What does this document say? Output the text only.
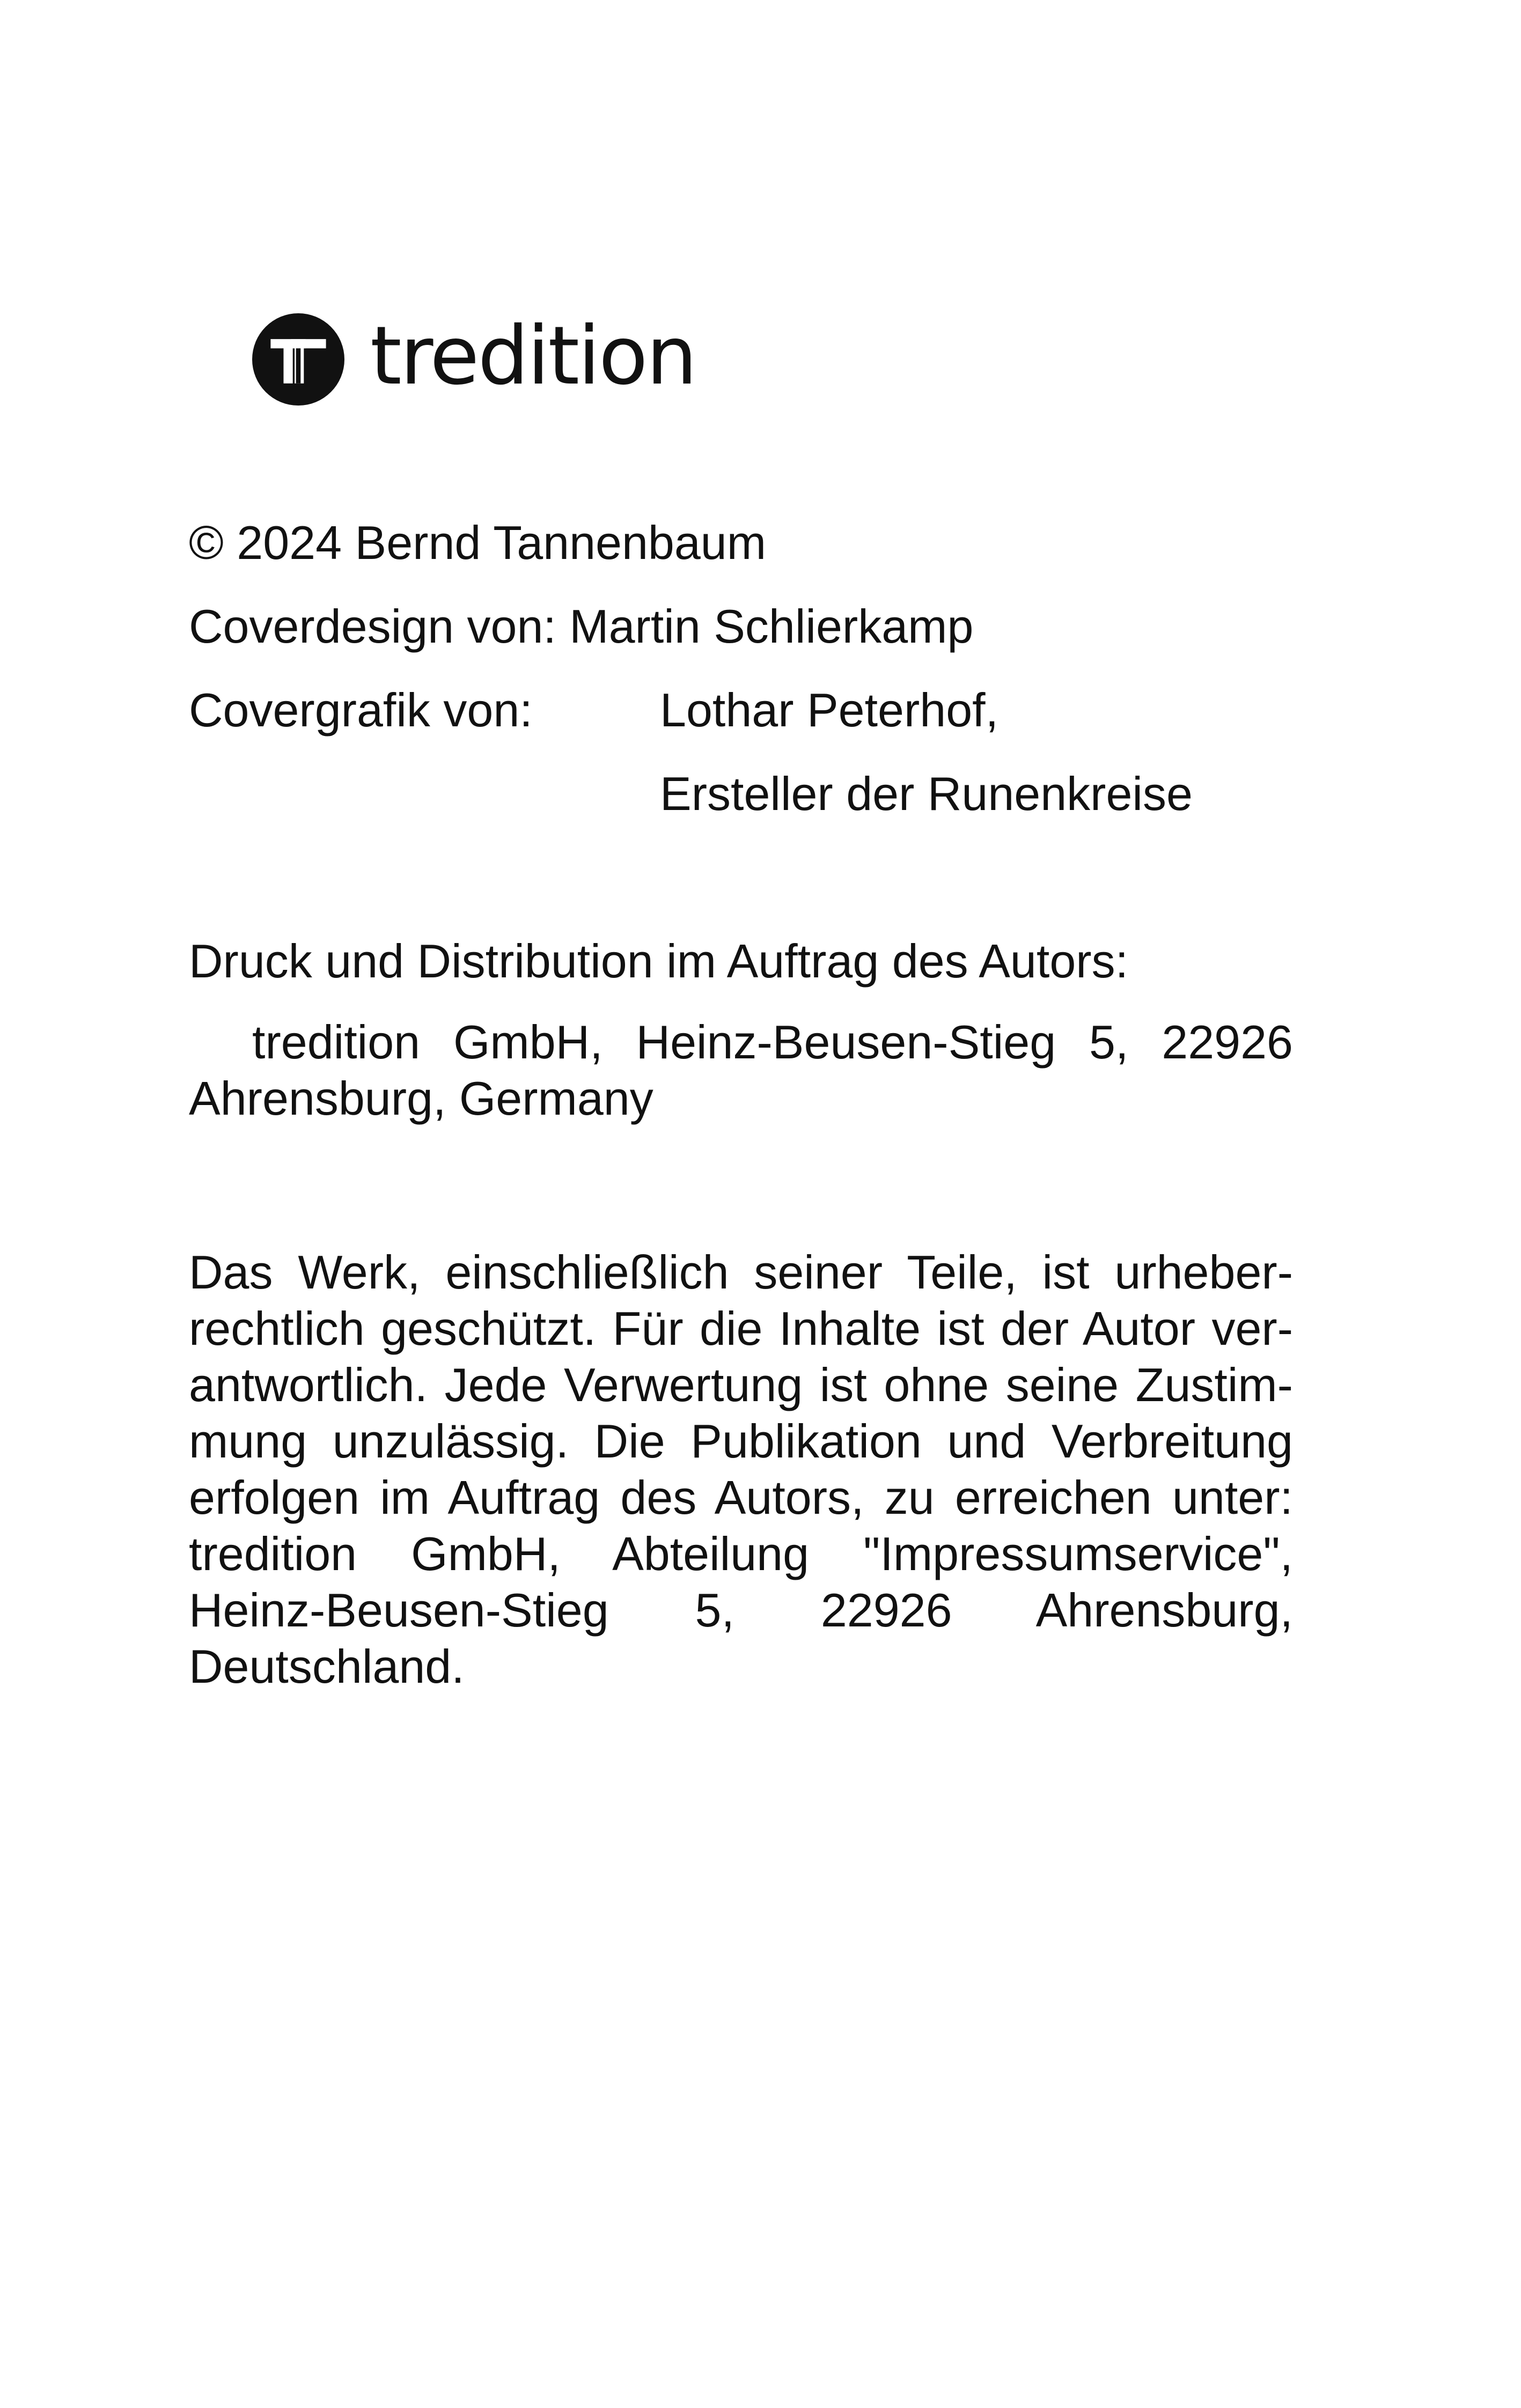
tredition
© 2024 Bernd Tannenbaum
Coverdesign von: Martin Schlierkamp
Covergrafik von:	Lothar Peterhof,
Ersteller der Runenkreise
Druck und Distribution im Auftrag des Autors:
tredition GmbH, Heinz-Beusen-Stieg 5, 22926
Ahrensburg, Germany
Das Werk, einschließlich seiner Teile, ist urheber-
rechtlich geschützt. Für die Inhalte ist der Autor ver-
antwortlich. Jede Verwertung ist ohne seine Zustim-
mung unzulässig. Die Publikation und Verbreitung
erfolgen im Auftrag des Autors, zu erreichen unter:
tredition GmbH, Abteilung "Impressumservice",
Heinz-Beusen-Stieg 5, 22926 Ahrensburg,
Deutschland.
